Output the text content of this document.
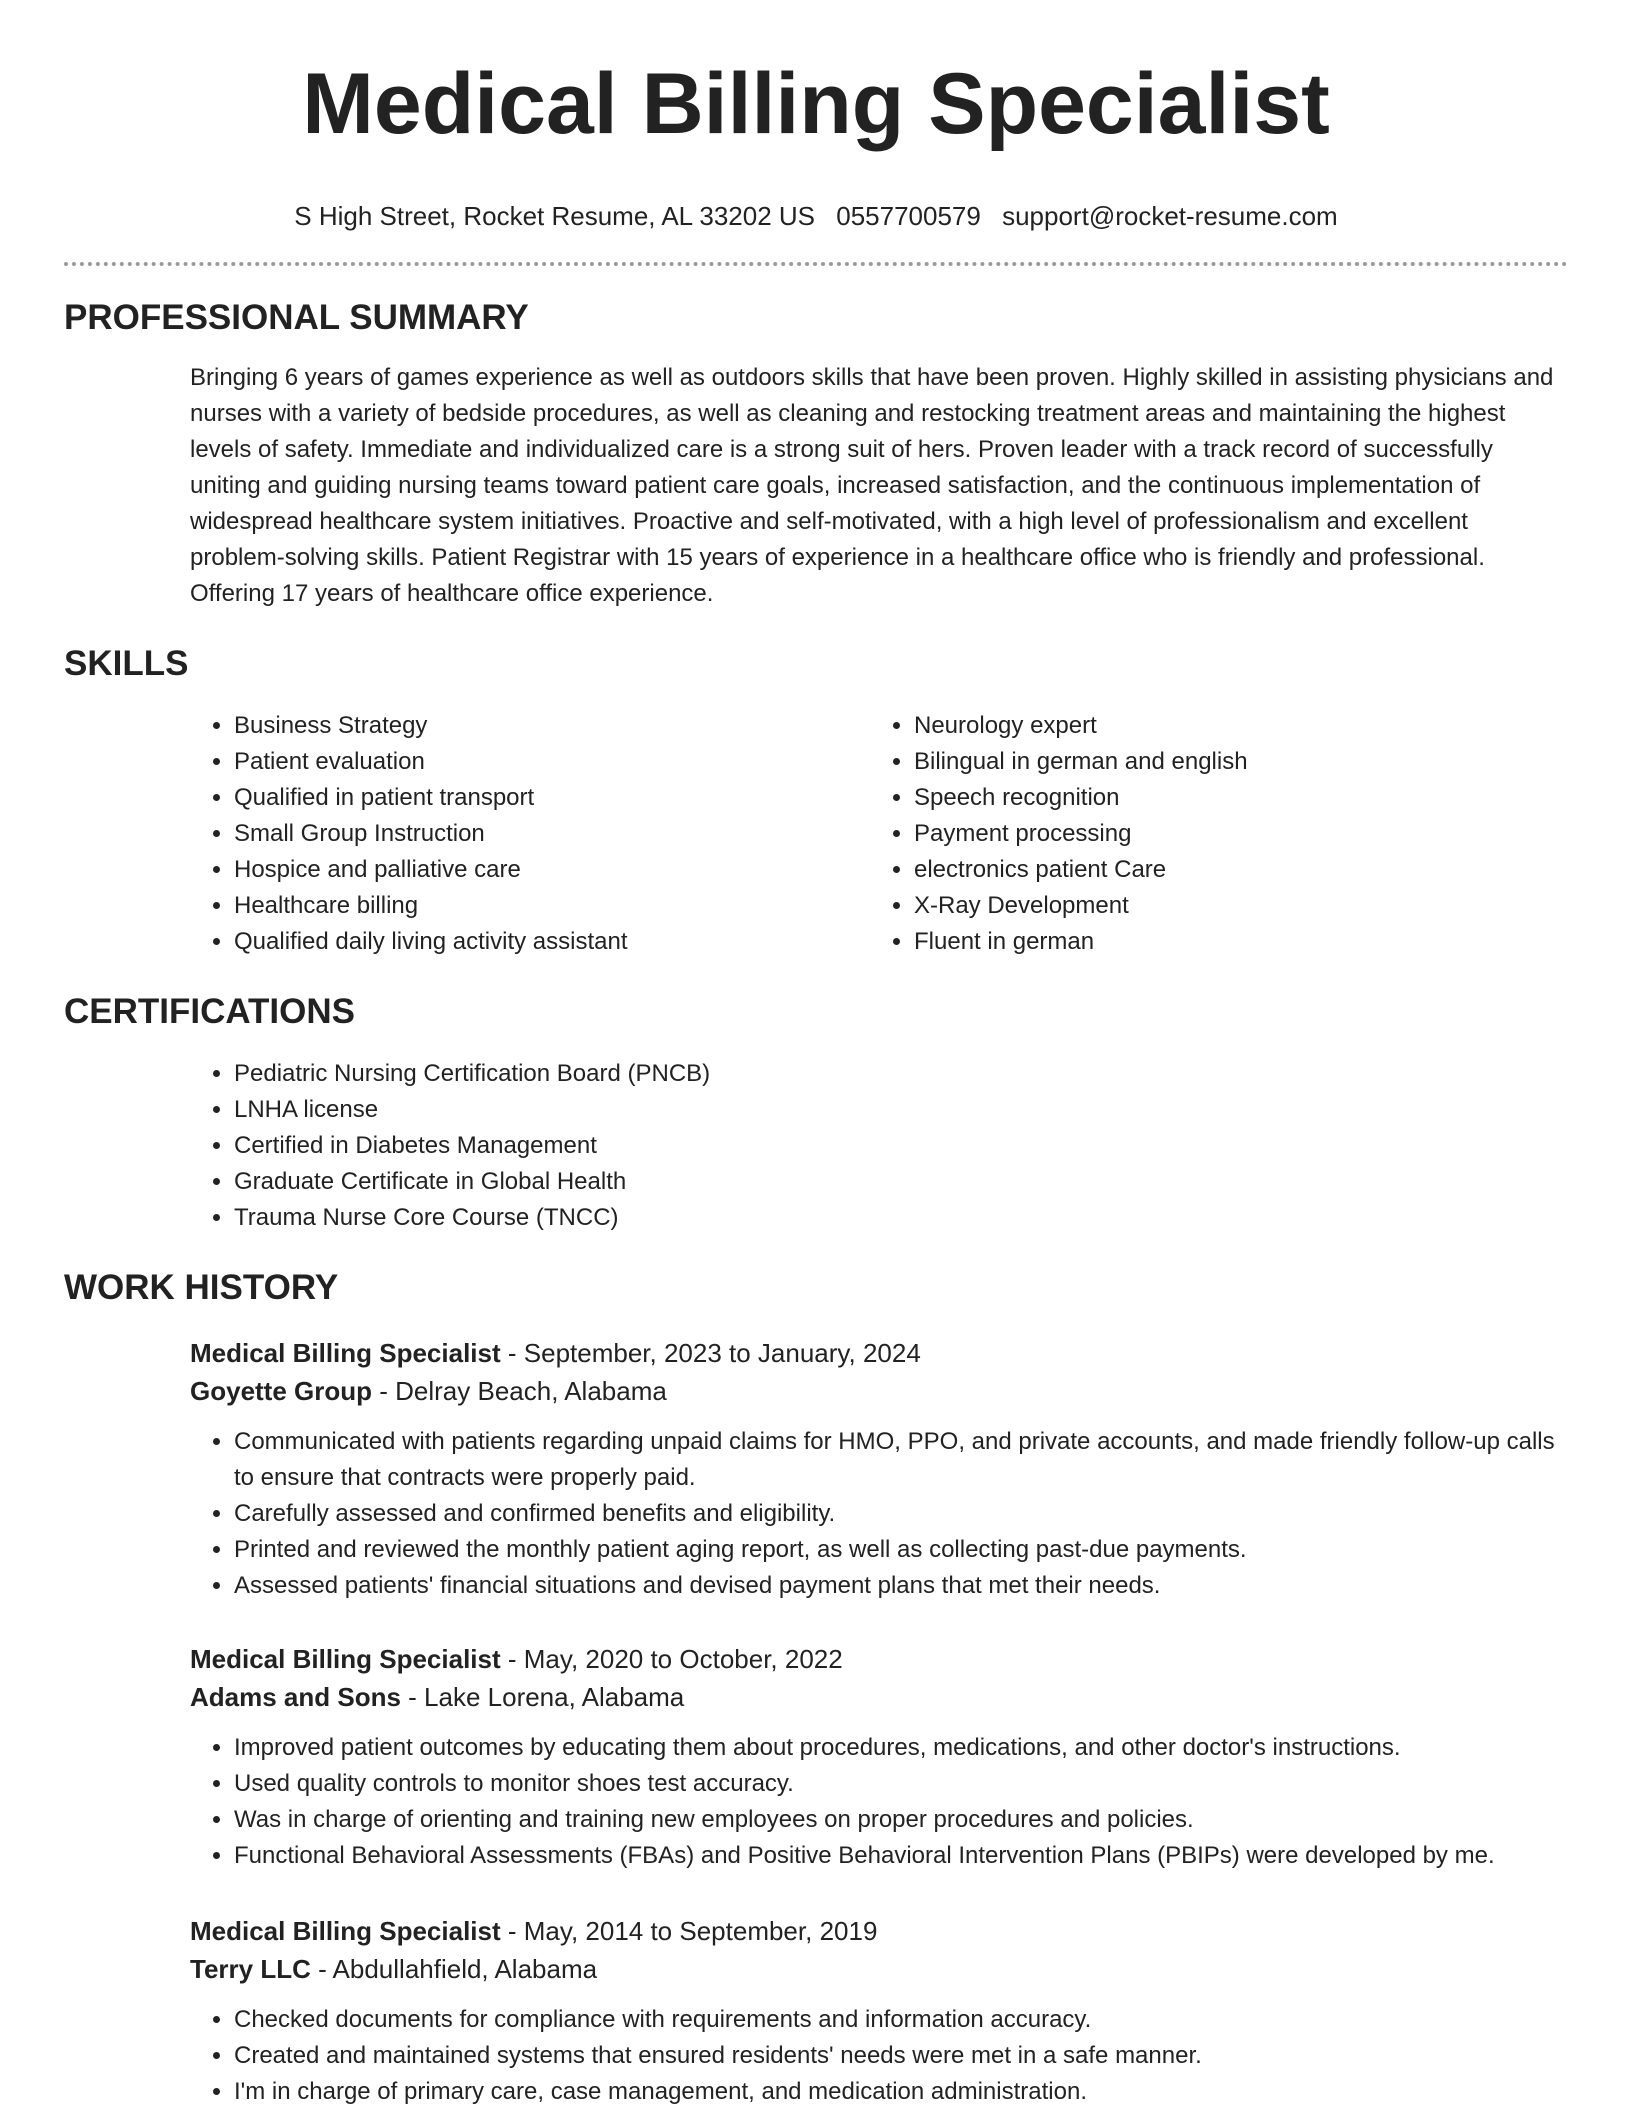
Medical Billing Specialist
S High Street, Rocket Resume, AL 33202 US 0557700579 support@rocket-resume.com
PROFESSIONAL SUMMARY

Bringing 6 years of games experience as well as outdoors skills that have been proven. Highly skilled in assisting physicians and nurses with a variety of bedside procedures, as well as cleaning and restocking treatment areas and maintaining the highest levels of safety. Immediate and individualized care is a strong suit of hers. Proven leader with a track record of successfully uniting and guiding nursing teams toward patient care goals, increased satisfaction, and the continuous implementation of widespread healthcare system initiatives. Proactive and self-motivated, with a high level of professionalism and excellent problem-solving skills. Patient Registrar with 15 years of experience in a healthcare office who is friendly and professional. Offering 17 years of healthcare office experience.

SKILLS
• Business Strategy
• Patient evaluation
• Qualified in patient transport
• Small Group Instruction
• Hospice and palliative care
• Healthcare billing
• Qualified daily living activity assistant
• Neurology expert
• Bilingual in german and english
• Speech recognition
• Payment processing
• electronics patient Care
• X-Ray Development
• Fluent in german
CERTIFICATIONS
• Pediatric Nursing Certification Board (PNCB)
• LNHA license
• Certified in Diabetes Management
• Graduate Certificate in Global Health
• Trauma Nurse Core Course (TNCC)
WORK HISTORY
Medical Billing Specialist - September, 2023 to January, 2024
Goyette Group - Delray Beach, Alabama
• Communicated with patients regarding unpaid claims for HMO, PPO, and private accounts, and made friendly follow-up calls to ensure that contracts were properly paid.
• Carefully assessed and confirmed benefits and eligibility.
• Printed and reviewed the monthly patient aging report, as well as collecting past-due payments.
• Assessed patients' financial situations and devised payment plans that met their needs.
Medical Billing Specialist - May, 2020 to October, 2022
Adams and Sons - Lake Lorena, Alabama
• Improved patient outcomes by educating them about procedures, medications, and other doctor's instructions.
• Used quality controls to monitor shoes test accuracy.
• Was in charge of orienting and training new employees on proper procedures and policies.
• Functional Behavioral Assessments (FBAs) and Positive Behavioral Intervention Plans (PBIPs) were developed by me.
Medical Billing Specialist - May, 2014 to September, 2019
Terry LLC - Abdullahfield, Alabama
• Checked documents for compliance with requirements and information accuracy.
• Created and maintained systems that ensured residents' needs were met in a safe manner.
• I'm in charge of primary care, case management, and medication administration.
